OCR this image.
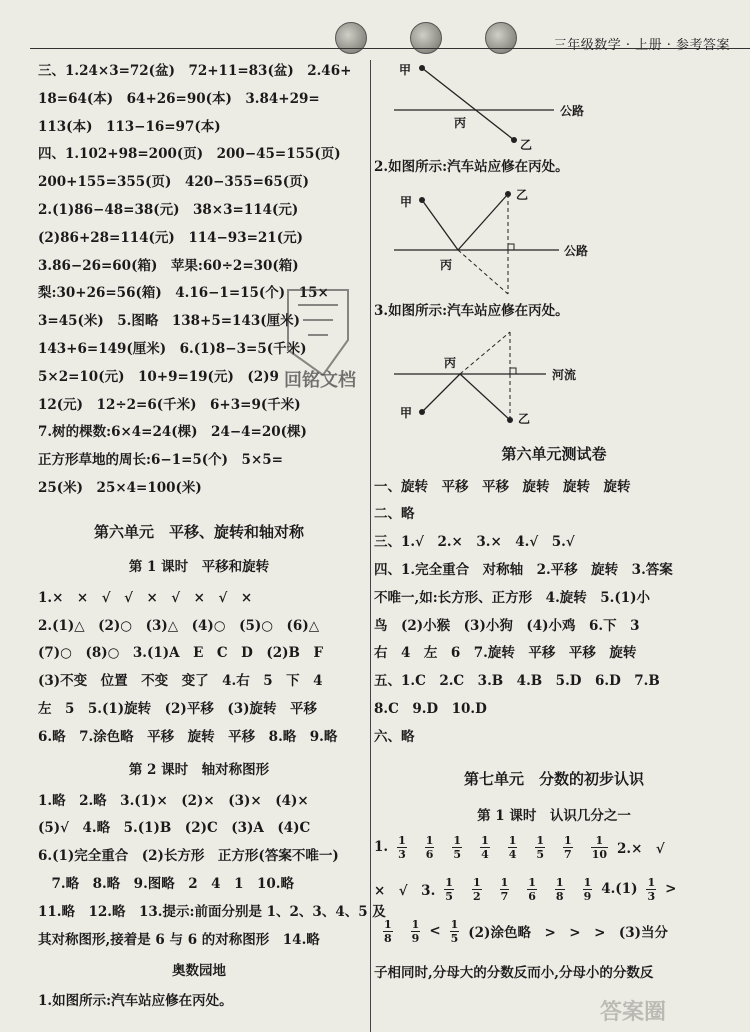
三年级数学 · 上册 · 参考答案
三、1.24×3=72(盆)　72+11=83(盆)　2.46+
18=64(本)　64+26=90(本)　3.84+29=
113(本)　113−16=97(本)
四、1.102+98=200(页)　200−45=155(页)
200+155=355(页)　420−355=65(页)
2.(1)86−48=38(元)　38×3=114(元)
(2)86+28=114(元)　114−93=21(元)
3.86−26=60(箱)　苹果:60÷2=30(箱)
梨:30+26=56(箱)　4.16−1=15(个)　15×
3=45(米)　5.图略　138+5=143(厘米)
143+6=149(厘米)　6.(1)8−3=5(千米)
5×2=10(元)　10+9=19(元)　(2)9
12(元)　12÷2=6(千米)　6+3=9(千米)
7.树的棵数:6×4=24(棵)　24−4=20(棵)
正方形草地的周长:6−1=5(个)　5×5=
25(米)　25×4=100(米)
第六单元　平移、旋转和轴对称
第 1 课时　平移和旋转
1.×　×　√　√　×　√　×　√　×
2.(1)△　(2)○　(3)△　(4)○　(5)○　(6)△
(7)○　(8)○　3.(1)A　E　C　D　(2)B　F
(3)不变　位置　不变　变了　4.右　5　下　4
左　5　5.(1)旋转　(2)平移　(3)旋转　平移
6.略　7.涂色略　平移　旋转　平移　8.略　9.略
第 2 课时　轴对称图形
1.略　2.略　3.(1)×　(2)×　(3)×　(4)×
(5)√　4.略　5.(1)B　(2)C　(3)A　(4)C
6.(1)完全重合　(2)长方形　正方形(答案不唯一)
　7.略　8.略　9.图略　2　4　1　10.略
11.略　12.略　13.提示:前面分别是 1、2、3、4、5 及
其对称图形,接着是 6 与 6 的对称图形　14.略
奥数园地
1.如图所示:汽车站应修在丙处。
甲
乙
丙
公路
2.如图所示:汽车站应修在丙处。
甲	乙
丙
公路
3.如图所示:汽车站应修在丙处。
甲	乙
丙
河流
第六单元测试卷
一、旋转　平移　平移　旋转　旋转　旋转
二、略
三、1.√　2.×　3.×　4.√　5.√
四、1.完全重合　对称轴　2.平移　旋转　3.答案
不唯一,如:长方形、正方形　4.旋转　5.(1)小
鸟　(2)小猴　(3)小狗　(4)小鸡　6.下　3
右　4　左　6　7.旋转　平移　平移　旋转
五、1.C　2.C　3.B　4.B　5.D　6.D　7.B
8.C　9.D　10.D
六、略
第七单元　分数的初步认识
第 1 课时　认识几分之一
1. $\frac{1}{3} \frac{1}{6} \frac{1}{5} \frac{1}{4} \frac{1}{4} \frac{1}{5} \frac{1}{7} \frac{1}{10} 2.\times$　√
×　√　3. $\frac{1}{5} \frac{1}{2} \frac{1}{7} \frac{1}{6} \frac{1}{8} \frac{1}{9} 4.(1) \frac{1}{3}$ >
$\frac{1}{8} \frac{1}{9} < \frac{1}{5} (2)$涂色略　>　>　>　(3)当分
子相同时,分母大的分数反而小,分母小的分数反
回铭文档
答案圈
